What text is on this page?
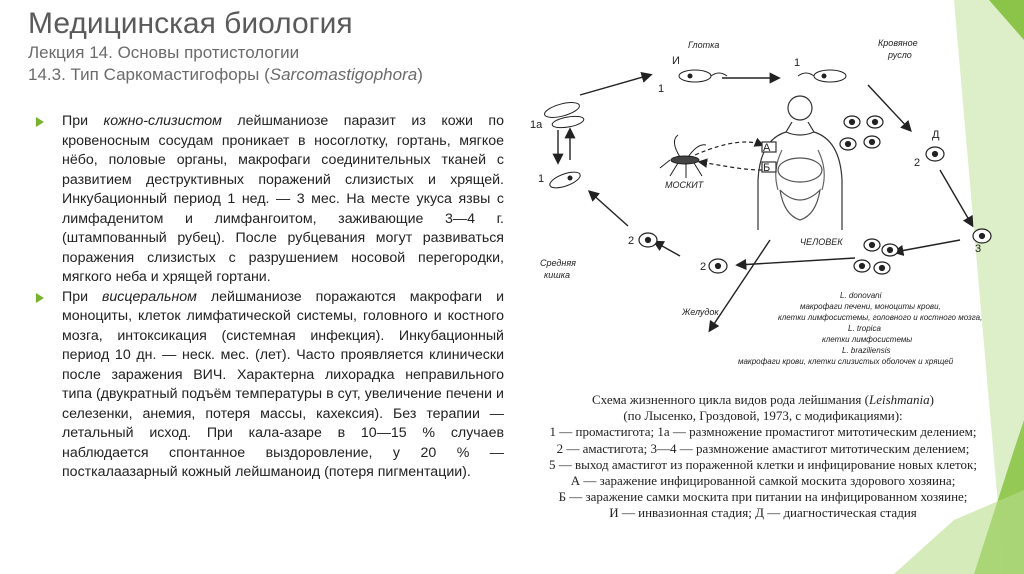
Медицинская биология
Лекция 14. Основы протистологии
14.3. Тип Саркомастигофоры (Sarcomastigophora)
При кожно-слизистом лейшманиозе паразит из кожи по кровеносным сосудам проникает в носоглотку, гортань, мягкое нёбо, половые органы, макрофаги соединительных тканей с развитием деструктивных поражений слизистых и хрящей. Инкубационный период 1 нед. — 3 мес. На месте укуса язвы с лимфаденитом и лимфангоитом, заживающие 3—4 г. (штампованный рубец). После рубцевания могут развиваться поражения слизистых с разрушением носовой перегородки, мягкого неба и хрящей гортани.
При висцеральном лейшманиозе поражаются макрофаги и моноциты, клеток лимфатической системы, головного и костного мозга, интоксикация (системная инфекция). Инкубационный период 10 дн. — неск. мес. (лет). Часто проявляется клинически после заражения ВИЧ. Характерна лихорадка неправильного типа (двукратный подъём температуры в сут, увеличение печени и селезенки, анемия, потеря массы, кахексия). Без терапии — летальный исход. При кала-азаре в 10—15 % случаев наблюдается спонтанное выздоровление, у 20 % — посткалаазарный кожный лейшманоид (потеря пигментации).
Глотка	Кровяное
русло
МОСКИТ
ЧЕЛОВЕК
Средняя
кишка
Желудок
И
Д
А
Б
1
1
1а
1
2
3
2
2
L. donovani
макрофаги печени, моноциты крови,
клетки лимфосистемы, головного и костного мозга,
L. tropica
клетки лимфосистемы
L. braziliensis
макрофаги крови, клетки слизистых оболочек и хрящей
Схема жизненного цикла видов рода лейшмания (Leishmania)
(по Лысенко, Гроздовой, 1973, с модификациями):
1 — промастигота; 1а — размножение промастигот митотическим делением;
2 — амастигота; 3—4 — размножение амастигот митотическим делением;
5 — выход амастигот из пораженной клетки и инфицирование новых клеток;
А — заражение инфицированной самкой москита здорового хозяина;
Б — заражение самки москита при питании на инфицированном хозяине;
И — инвазионная стадия; Д — диагностическая стадия
